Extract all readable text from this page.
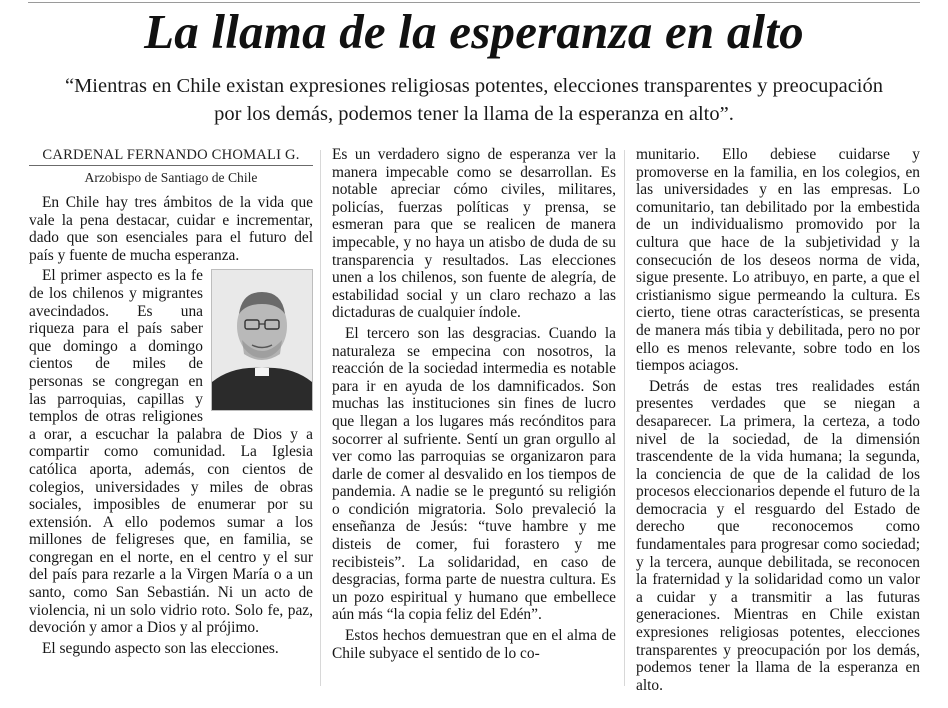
La llama de la esperanza en alto
“Mientras en Chile existan expresiones religiosas potentes, elecciones transparentes y preocupación
por los demás, podemos tener la llama de la esperanza en alto”.
CARDENAL FERNANDO CHOMALI G.
Arzobispo de Santiago de Chile

En Chile hay tres ámbitos de la vida que vale la pena destacar, cuidar e incrementar, dado que son esenciales para el futuro del país y fuente de mucha esperanza.

El primer aspecto es la fe de los chilenos y migrantes avecindados. Es una riqueza para el país saber que domingo a domingo cientos de miles de personas se congregan en las parroquias, capillas y templos de otras religiones a orar, a escuchar la palabra de Dios y a compartir como comunidad. La Iglesia católica aporta, además, con cientos de colegios, universidades y miles de obras sociales, imposibles de enumerar por su extensión. A ello podemos sumar a los millones de feligreses que, en familia, se congregan en el norte, en el centro y el sur del país para rezarle a la Virgen María o a un santo, como San Sebastián. Ni un acto de violencia, ni un solo vidrio roto. Solo fe, paz, devoción y amor a Dios y al prójimo.

El segundo aspecto son las elecciones.

Es un verdadero signo de esperanza ver la manera impecable como se desarrollan. Es notable apreciar cómo civiles, militares, policías, fuerzas políticas y prensa, se esmeran para que se realicen de manera impecable, y no haya un atisbo de duda de su transparencia y resultados. Las elecciones unen a los chilenos, son fuente de alegría, de estabilidad social y un claro rechazo a las dictaduras de cualquier índole.

El tercero son las desgracias. Cuando la naturaleza se empecina con nosotros, la reacción de la sociedad intermedia es notable para ir en ayuda de los damnificados. Son muchas las instituciones sin fines de lucro que llegan a los lugares más recónditos para socorrer al sufriente. Sentí un gran orgullo al ver como las parroquias se organizaron para darle de comer al desvalido en los tiempos de pandemia. A nadie se le preguntó su religión o condición migratoria. Solo prevaleció la enseñanza de Jesús: “tuve hambre y me disteis de comer, fui forastero y me recibisteis”. La solidaridad, en caso de desgracias, forma parte de nuestra cultura. Es un pozo espiritual y humano que embellece aún más “la copia feliz del Edén”.

Estos hechos demuestran que en el alma de Chile subyace el sentido de lo co-

munitario. Ello debiese cuidarse y promoverse en la familia, en los colegios, en las universidades y en las empresas. Lo comunitario, tan debilitado por la embestida de un individualismo promovido por la cultura que hace de la subjetividad y la consecución de los deseos norma de vida, sigue presente. Lo atribuyo, en parte, a que el cristianismo sigue permeando la cultura. Es cierto, tiene otras características, se presenta de manera más tibia y debilitada, pero no por ello es menos relevante, sobre todo en los tiempos aciagos.

Detrás de estas tres realidades están presentes verdades que se niegan a desaparecer. La primera, la certeza, a todo nivel de la sociedad, de la dimensión trascendente de la vida humana; la segunda, la conciencia de que de la calidad de los procesos eleccionarios depende el futuro de la democracia y el resguardo del Estado de derecho que reconocemos como fundamentales para progresar como sociedad; y la tercera, aunque debilitada, se reconocen la fraternidad y la solidaridad como un valor a cuidar y a transmitir a las futuras generaciones. Mientras en Chile existan expresiones religiosas potentes, elecciones transparentes y preocupación por los demás, podemos tener la llama de la esperanza en alto.
